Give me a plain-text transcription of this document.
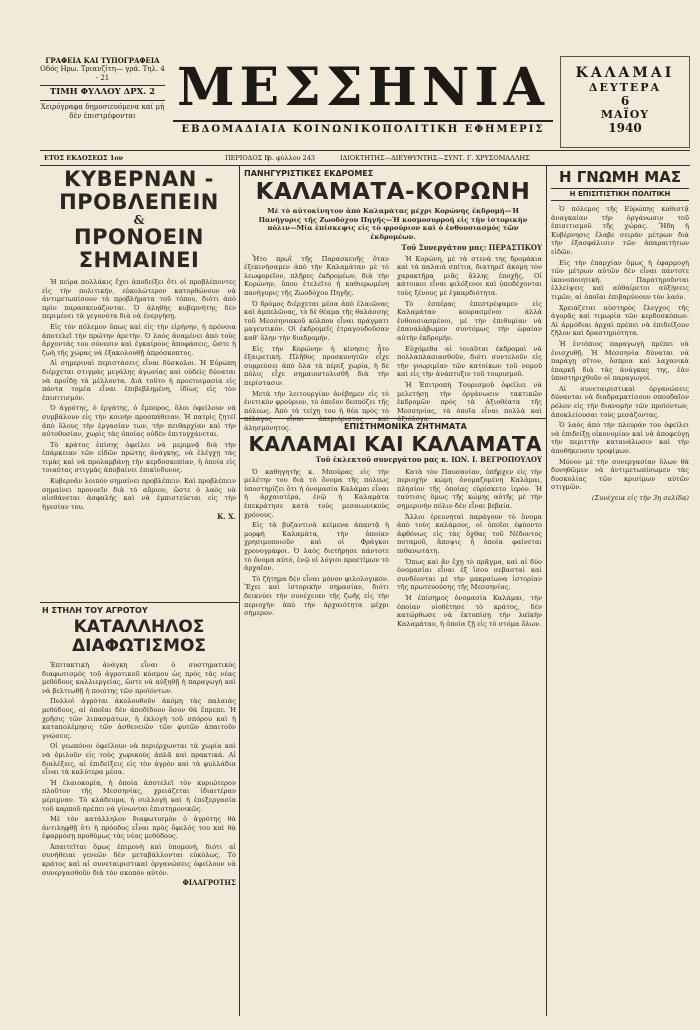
ΓΡΑΦΕΙΑ ΚΑΙ ΤΥΠΟΓΡΑΦΕΙΑ
Οδός Ηρω. Τριανζίτη— γρά. Τηλ. 4 - 21
ΤΙΜΗ ΦΥΛΛΟΥ ΔΡΧ. 2
Χειρόγραφα δημοσιευόμενα καί μή
δέν έπιστρέφονται ΜΕΣΣΗΝΙΑ
ΕΒΔΟΜΑΔΙΑΙΑ ΚΟΙΝΩΝΙΚΟΠΟΛΙΤΙΚΗ ΕΦΗΜΕΡΙΣ
ΚΑΛΑΜΑΙ
ΔΕΥΤΕΡΑ
6
ΜΑΪΟΥ
1940
ΕΤΟΣ ΕΚΔΟΣΕΩΣ 1ον	ΠΕΡΙΟΔΟΣ Β'
ρ. φύλλου 243	ΙΔΙΟΚΤΗΤΗΣ—ΔΙΕΥΘΥΝΤΗΣ—ΣΥΝΤ. Γ. ΧΡΥΣΟΜΑΛΛΗΣ
ΚΥΒΕΡΝΑΝ - ΠΡΟΒΛΕΠΕΙΝ
&
ΠΡΟΝΟΕΙΝ ΣΗΜΑΙΝΕΙ

Ἡ πείρα πολλάκις ἔχει ἀποδείξει ὅτι οἱ προβλέποντες εἰς τὴν πολιτικήν, εὐκολώτερον κατορθώνουν νὰ ἀντιμετωπίσουν τὰ προβλήματα τοῦ τόπου, διότι ἀπὸ πρὶν παρασκευάζονται. Ὁ ἀληθὴς κυβερνήτης δὲν περιμένει τὰ γεγονότα διὰ νὰ ἐνεργήσῃ.

Εἰς τὸν πόλεμον ὅπως καὶ εἰς τὴν εἰρήνην, ἡ πρόνοια ἀποτελεῖ τὴν πρώτην ἀρετήν. Ὁ λαὸς ἀναμένει ἀπὸ τοὺς ἄρχοντάς του σύνεσιν καὶ ἐγκαίρους ἀποφάσεις, ὥστε ἡ ζωὴ τῆς χώρας νὰ ἐξακολουθῇ ἀπρόσκοπτος.

Αἱ σημεριναὶ περιστάσεις εἶναι δύσκολοι. Ἡ Εὐρώπη διέρχεται στιγμὰς μεγάλης ἀγωνίας καὶ οὐδεὶς δύναται νὰ προΐδῃ τὰ μέλλοντα. Διὰ τοῦτο ἡ προετοιμασία εἰς πάντα τομέα εἶναι ἐπιβεβλημένη, ἰδίως εἰς τὸν ἐπισιτισμόν.

Ὁ ἀγρότης, ὁ ἐργάτης, ὁ ἔμπορος, ὅλοι ὀφείλουν νὰ συμβάλουν εἰς τὴν κοινὴν προσπάθειαν. Ἡ πατρὶς ζητεῖ ἀπὸ ὅλους τὴν ἐργασίαν των, τὴν πειθαρχίαν καὶ τὴν αὐτοθυσίαν, χωρὶς τὰς ὁποίας οὐδὲν ἐπιτυγχάνεται.

Τὸ κράτος ἐπίσης ὀφείλει νὰ μεριμνᾷ διὰ τὴν ἐπάρκειαν τῶν εἰδῶν πρώτης ἀνάγκης, νὰ ἐλέγχῃ τὰς τιμὰς καὶ νὰ προλαμβάνῃ τὴν κερδοσκοπίαν, ἡ ὁποία εἰς τοιαύτας στιγμὰς ἀποβαίνει ἐπικίνδυνος.

Κυβερνᾶν λοιπὸν σημαίνει προβλέπειν. Καὶ προβλέπειν σημαίνει προνοεῖν διὰ τὸ αὔριον, ὥστε ὁ λαὸς νὰ αἰσθάνεται ἀσφαλὴς καὶ νὰ ἐμπιστεύεται εἰς τὴν ἡγεσίαν του.

Κ. Χ.
Η ΣΤΗΛΗ ΤΟΥ ΑΓΡΟΤΟΥ
ΚΑΤΑΛΛΗΛΟΣ ΔΙΑΦΩΤΙΣΜΟΣ

Ἐπιτακτικὴ ἀνάγκη εἶναι ὁ συστηματικὸς διαφωτισμὸς τοῦ ἀγροτικοῦ κόσμου ὡς πρὸς τὰς νέας μεθόδους καλλιεργείας, ὥστε νὰ αὐξηθῇ ἡ παραγωγὴ καὶ νὰ βελτιωθῇ ἡ ποιότης τῶν προϊόντων.

Πολλοὶ ἀγρόται ἀκολουθοῦν ἀκόμη τὰς παλαιὰς μεθόδους, αἱ ὁποῖαι δὲν ἀποδίδουν ὅσον θὰ ἔπρεπε. Ἡ χρῆσις τῶν λιπασμάτων, ἡ ἐκλογὴ τοῦ σπόρου καὶ ἡ καταπολέμησις τῶν ἀσθενειῶν τῶν φυτῶν ἀπαιτοῦν γνώσεις.

Οἱ γεωπόνοι ὀφείλουν νὰ περιέρχωνται τὰ χωρία καὶ νὰ ὁμιλοῦν εἰς τοὺς χωρικοὺς ἁπλᾶ καὶ πρακτικά. Αἱ διαλέξεις, αἱ ἐπιδείξεις εἰς τὸν ἀγρὸν καὶ τὰ φυλλάδια εἶναι τὰ καλύτερα μέσα.

Ἡ ἐλαιοκομία, ἡ ὁποία ἀποτελεῖ τὸν κυριώτερον πλοῦτον τῆς Μεσσηνίας, χρειάζεται ἰδιαιτέραν μέριμναν. Τὸ κλάδευμα, ἡ συλλογὴ καὶ ἡ ἐπεξεργασία τοῦ καρποῦ πρέπει νὰ γίνωνται ἐπιστημονικῶς.

Μὲ τὸν κατάλληλον διαφωτισμὸν ὁ ἀγρότης θὰ ἀντιληφθῇ ὅτι ἡ πρόοδος εἶναι πρὸς ὄφελός του καὶ θὰ ἐφαρμόσῃ προθύμως τὰς νέας μεθόδους.

Ἀπαιτεῖται ὅμως ἐπιμονὴ καὶ ὑπομονή, διότι αἱ συνήθειαι γενεῶν δὲν μεταβάλλονται εὐκόλως. Τὸ κράτος καὶ αἱ συνεταιριστικαὶ ὀργανώσεις ὀφείλουν νὰ συνεργασθοῦν διὰ τὸν σκοπὸν αὐτόν.

ΦΙΛΑΓΡΟΤΗΣ
ΠΑΝΗΓΥΡΙΣΤΙΚΕΣ ΕΚΔΡΟΜΕΣ
ΚΑΛΑΜΑΤΑ-ΚΟΡΩΝΗ
Μὲ τὸ αὐτοκίνητον ἀπὸ Καλαμάτας μέχρι Κορώνης ἐκδρομή—Ἡ Πανήγυρις τῆς Ζωοδόχου Πηγῆς—Ἡ κοσμοσυρροή εἰς τὴν ἱστορικὴν πόλιν—Μία ἐπίσκεψις εἰς τὸ φρούριον καὶ ὁ ἐνθουσιασμὸς τῶν ἐκδρομέων.
Τοῦ Συνεργάτου μας: ΠΕΡΑΣΤΙΚΟΥ

Ἦτο πρωῒ τῆς Παρασκευῆς ὅταν ἐξεκινήσαμεν ἀπὸ τὴν Καλαμάταν μὲ τὸ λεωφορεῖον, πλῆρες ἐκδρομέων, διὰ τὴν Κορώνην, ὅπου ἐτελεῖτο ἡ καθιερωμένη πανήγυρις τῆς Ζωοδόχου Πηγῆς.

Ὁ δρόμος διέρχεται μέσα ἀπὸ ἐλαιῶνας καὶ ἀμπελῶνας, τὸ δὲ θέαμα τῆς θαλάσσης τοῦ Μεσσηνιακοῦ κόλπου εἶναι πράγματι μαγευτικόν. Οἱ ἐκδρομεῖς ἐτραγουδοῦσαν καθ' ὅλην τὴν διαδρομήν.

Εἰς τὴν Κορώνην ἡ κίνησις ἦτο ἐξαιρετική. Πλῆθος προσκυνητῶν εἶχε συρρεύσει ἀπὸ ὅλα τὰ πέριξ χωρία, ἡ δὲ πόλις εἶχε σημαιοστολισθῆ διὰ τὴν περίστασιν.

Μετὰ τὴν λειτουργίαν ἀνέβημεν εἰς τὸ ἐνετικὸν φρούριον, τὸ ὁποῖον δεσπόζει τῆς πόλεως. Ἀπὸ τὰ τείχη του ἡ θέα πρὸς τὸ πέλαγος εἶναι ἀπεριόριστος καὶ ἀλησμόνητος.

Ἡ Κορώνη, μὲ τὰ στενά της δρομάκια καὶ τὰ παλαιὰ σπίτια, διατηρεῖ ἀκόμη τὸν χαρακτῆρα μιᾶς ἄλλης ἐποχῆς. Οἱ κάτοικοι εἶναι φιλόξενοι καὶ ὑποδέχονται τοὺς ξένους μὲ ἐγκαρδιότητα.

Τὸ ἑσπέρας ἐπεστρέψαμεν εἰς Καλαμάταν κουρασμένοι ἀλλὰ ἐνθουσιασμένοι, μὲ τὴν ἐπιθυμίαν νὰ ἐπαναλάβωμεν συντόμως τὴν ὡραίαν αὐτὴν ἐκδρομήν.

Εὐχόμεθα αἱ τοιαῦται ἐκδρομαὶ νὰ πολλαπλασιασθοῦν, διότι συντελοῦν εἰς τὴν γνωριμίαν τῶν κατοίκων τοῦ νομοῦ καὶ εἰς τὴν ἀνάπτυξιν τοῦ τουρισμοῦ.

Ἡ Ἐπιτροπὴ Τουρισμοῦ ὀφείλει νὰ μελετήσῃ τὴν ὀργάνωσιν τακτικῶν ἐκδρομῶν πρὸς τὰ ἀξιοθέατα τῆς Μεσσηνίας, τὰ ὁποῖα εἶναι πολλὰ καὶ ἀξιόλογα.

ΕΠΙΣΤΗΜΟΝΙΚΑ ΖΗΤΗΜΑΤΑ
ΚΑΛΑΜΑΙ ΚΑΙ ΚΑΛΑΜΑΤΑ
Τοῦ ἐκλεκτοῦ συνεργάτου μας κ. ΙΩΝ. Ι. ΒΕΓΡΟΠΟΥΛΟΥ

Ὁ καθηγητὴς κ. Μπούρας εἰς τὴν μελέτην του διὰ τὸ ὄνομα τῆς πόλεως ὑποστηρίζει ὅτι ἡ ὀνομασία Καλάμαι εἶναι ἡ ἀρχαιοτέρα, ἐνῷ ἡ Καλαμάτα ἐπεκράτησε κατὰ τοὺς μεσαιωνικοὺς χρόνους.

Εἰς τὰ βυζαντινὰ κείμενα ἀπαντᾷ ἡ μορφὴ Καλαμάτα, τὴν ὁποίαν χρησιμοποιοῦν καὶ οἱ Φράγκοι χρονογράφοι. Ὁ λαὸς διετήρησε πάντοτε τὸ ὄνομα αὐτό, ἐνῷ οἱ λόγιοι προετίμων τὸ ἀρχαῖον.

Τὸ ζήτημα δὲν εἶναι μόνον φιλολογικόν. Ἔχει καὶ ἱστορικὴν σημασίαν, διότι δεικνύει τὴν συνέχειαν τῆς ζωῆς εἰς τὴν περιοχὴν ἀπὸ τὴν ἀρχαιότητα μέχρι σήμερον.

Κατὰ τὸν Παυσανίαν, ὑπῆρχεν εἰς τὴν περιοχὴν κώμη ὀνομαζομένη Καλάμαι, πλησίον τῆς ὁποίας εὑρίσκετο ἱερὸν. Ἡ ταύτισις ὅμως τῆς κώμης αὐτῆς μὲ τὴν σημερινὴν πόλιν δὲν εἶναι βεβαία.

Ἄλλοι ἐρευνηταὶ παράγουν τὸ ὄνομα ἀπὸ τοὺς καλάμους, οἱ ὁποῖοι ἐφύοντο ἀφθόνως εἰς τὰς ὄχθας τοῦ Νέδοντος ποταμοῦ, ἄποψις ἡ ὁποία φαίνεται πιθανωτάτη.

Ὅπως καὶ ἂν ἔχῃ τὸ πρᾶγμα, καὶ αἱ δύο ὀνομασίαι εἶναι ἐξ ἴσου σεβασταὶ καὶ συνδέονται μὲ τὴν μακραίωνα ἱστορίαν τῆς πρωτευούσης τῆς Μεσσηνίας.

Ἡ ἐπίσημος ὀνομασία Καλάμαι, τὴν ὁποίαν υἱοθέτησε τὸ κράτος, δὲν κατώρθωσε νὰ ἐκτοπίσῃ τὴν λαϊκὴν Καλαμάταν, ἡ ὁποία ζῇ εἰς τὸ στόμα ὅλων.

Η ΓΝΩΜΗ ΜΑΣ
Η ΕΠΙΣΙΤΙΣΤΙΚΗ ΠΟΛΙΤΙΚΗ

Ὁ πόλεμος τῆς Εὐρώπης καθιστᾷ ἀναγκαίαν τὴν ὀργάνωσιν τοῦ ἐπισιτισμοῦ τῆς χώρας. Ἤδη ἡ Κυβέρνησις ἔλαβε σειρὰν μέτρων διὰ τὴν ἐξασφάλισιν τῶν ἀπαραιτήτων εἰδῶν.

Εἰς τὴν ἐπαρχίαν ὅμως ἡ ἐφαρμογὴ τῶν μέτρων αὐτῶν δὲν εἶναι πάντοτε ἱκανοποιητική. Παρατηροῦνται ἐλλείψεις καὶ αὐθαίρετοι αὐξήσεις τιμῶν, αἱ ὁποῖαι ἐπιβαρύνουν τὸν λαόν.

Χρειάζεται αὐστηρὸς ἔλεγχος τῆς ἀγορᾶς καὶ τιμωρία τῶν κερδοσκόπων. Αἱ ἀρμόδιαι ἀρχαὶ πρέπει νὰ ἐπιδείξουν ζῆλον καὶ δραστηριότητα.

Ἡ ἐντόπιος παραγωγὴ πρέπει νὰ ἐνισχυθῇ. Ἡ Μεσσηνία δύναται νὰ παράγῃ σῖτον, ὄσπρια καὶ λαχανικὰ ἐπαρκῆ διὰ τὰς ἀνάγκας της, ἐὰν ὑποστηριχθοῦν οἱ παραγωγοί.

Αἱ συνεταιριστικαὶ ὀργανώσεις δύνανται νὰ διαδραματίσουν σπουδαῖον ρόλον εἰς τὴν διανομὴν τῶν προϊόντων, ἀποκλείουσαι τοὺς μεσάζοντας.

Ὁ λαὸς ἀπὸ τὴν πλευράν του ὀφείλει νὰ ἐπιδείξῃ οἰκονομίαν καὶ νὰ ἀποφεύγῃ τὴν περιττὴν κατανάλωσιν καὶ τὴν ἀποθήκευσιν τροφίμων.

Μόνον μὲ τὴν συνεργασίαν ὅλων θὰ δυνηθῶμεν νὰ ἀντιμετωπίσωμεν τὰς δυσκολίας τῶν κρισίμων αὐτῶν στιγμῶν.

(Συνέχεια εἰς τὴν 3η σελίδα)
